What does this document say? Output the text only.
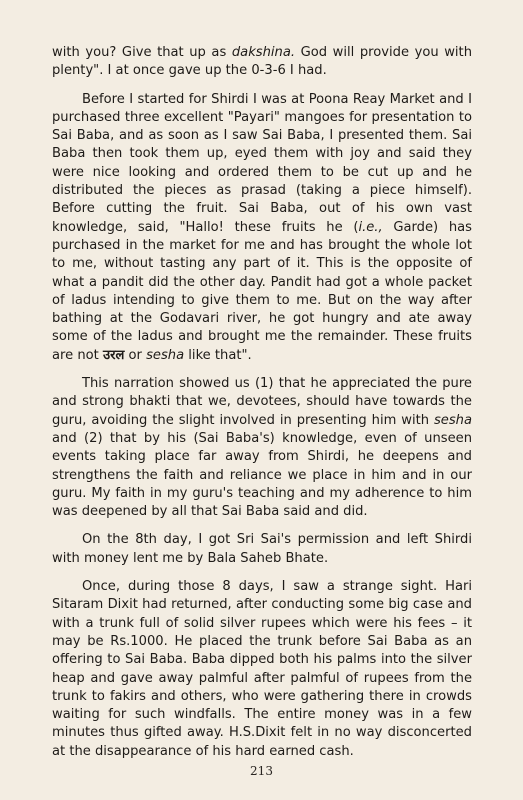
with you? Give that up as dakshina. God will provide you with plenty". I at once gave up the 0-3-6 I had.

Before I started for Shirdi I was at Poona Reay Market and I purchased three excellent "Payari" mangoes for presentation to Sai Baba, and as soon as I saw Sai Baba, I presented them. Sai Baba then took them up, eyed them with joy and said they were nice looking and ordered them to be cut up and he distributed the pieces as prasad (taking a piece himself). Before cutting the fruit. Sai Baba, out of his own vast knowledge, said, "Hallo! these fruits he (i.e., Garde) has purchased in the market for me and has brought the whole lot to me, without tasting any part of it. This is the opposite of what a pandit did the other day. Pandit had got a whole packet of ladus intending to give them to me. But on the way after bathing at the Godavari river, he got hungry and ate away some of the ladus and brought me the remainder. These fruits are not उरल or sesha like that".

This narration showed us (1) that he appreciated the pure and strong bhakti that we, devotees, should have towards the guru, avoiding the slight involved in presenting him with sesha and (2) that by his (Sai Baba's) knowledge, even of unseen events taking place far away from Shirdi, he deepens and strengthens the faith and reliance we place in him and in our guru. My faith in my guru's teaching and my adherence to him was deepened by all that Sai Baba said and did.

On the 8th day, I got Sri Sai's permission and left Shirdi with money lent me by Bala Saheb Bhate.

Once, during those 8 days, I saw a strange sight. Hari Sitaram Dixit had returned, after conducting some big case and with a trunk full of solid silver rupees which were his fees – it may be Rs.1000. He placed the trunk before Sai Baba as an offering to Sai Baba. Baba dipped both his palms into the silver heap and gave away palmful after palmful of rupees from the trunk to fakirs and others, who were gathering there in crowds waiting for such windfalls. The entire money was in a few minutes thus gifted away. H.S.Dixit felt in no way disconcerted at the disappearance of his hard earned cash.

213
